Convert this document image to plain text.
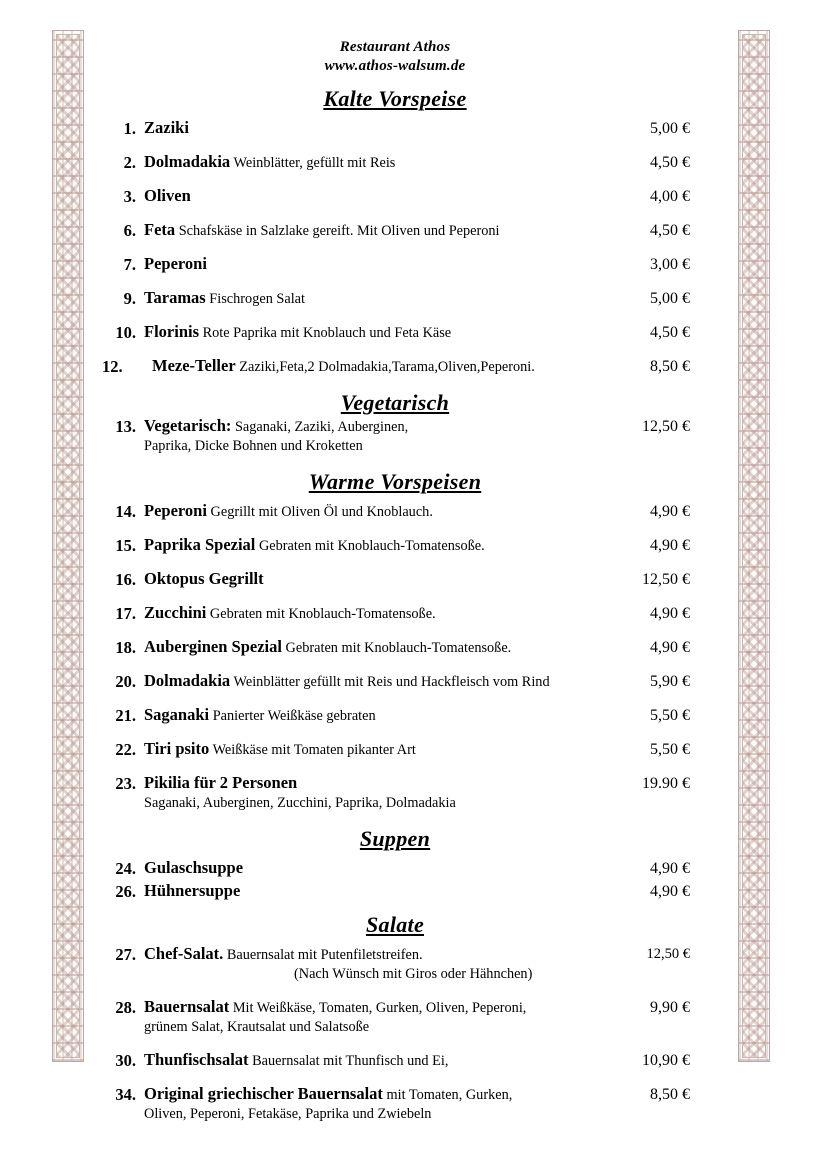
Restaurant Athos
www.athos-walsum.de
Kalte Vorspeise
1. Zaziki	5,00 €
2. Dolmadakia Weinblätter, gefüllt mit Reis	4,50 €
3. Oliven	4,00 €
6. Feta Schafskäse in Salzlake gereift. Mit Oliven und Peperoni	4,50 €
7. Peperoni	3,00 €
9. Taramas Fischrogen Salat	5,00 €
10. Florinis Rote Paprika mit Knoblauch und Feta Käse	4,50 €
12.	Meze-Teller Zaziki,Feta,2 Dolmadakia,Tarama,Oliven,Peperoni.	8,50 €
Vegetarisch
13. Vegetarisch: Saganaki, Zaziki, Auberginen,
Paprika, Dicke Bohnen und Kroketten
12,50 €
Warme Vorspeisen
14. Peperoni Gegrillt mit Oliven Öl und Knoblauch.	4,90 €
15. Paprika Spezial Gebraten mit Knoblauch-Tomatensoße.	4,90 €
16. Oktopus Gegrillt	12,50 €
17. Zucchini Gebraten mit Knoblauch-Tomatensoße.	4,90 €
18. Auberginen Spezial Gebraten mit Knoblauch-Tomatensoße.	4,90 €
20. Dolmadakia Weinblätter gefüllt mit Reis und Hackfleisch vom Rind	5,90 €
21. Saganaki Panierter Weißkäse gebraten	5,50 €
22. Tiri psito Weißkäse mit Tomaten pikanter Art	5,50 €
23. Pikilia für 2 Personen
Saganaki, Auberginen, Zucchini, Paprika, Dolmadakia
19.90 €
Suppen
24. Gulaschsuppe	4,90 €
26. Hühnersuppe	4,90 €
Salate
27. Chef-Salat. Bauernsalat mit Putenfiletstreifen.
(Nach Wünsch mit Giros oder Hähnchen)
12,50 €
28. Bauernsalat Mit Weißkäse, Tomaten, Gurken, Oliven, Peperoni,
grünem Salat, Krautsalat und Salatsoße
9,90 €
30. Thunfischsalat Bauernsalat mit Thunfisch und Ei,	10,90 €
34. Original griechischer Bauernsalat mit Tomaten, Gurken,
Oliven, Peperoni, Fetakäse, Paprika und Zwiebeln
8,50 €
